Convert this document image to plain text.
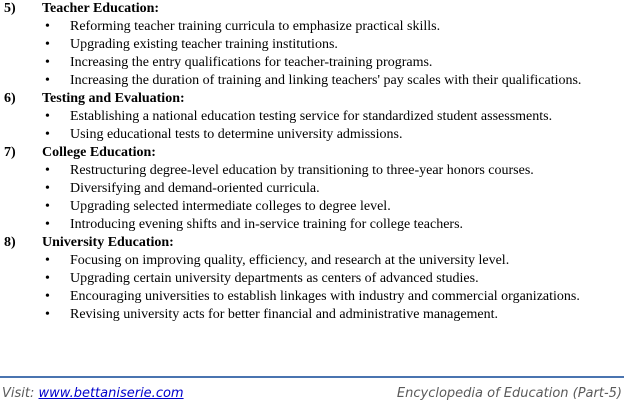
5)	Teacher Education:
•	Reforming teacher training curricula to emphasize practical skills.
•	Upgrading existing teacher training institutions.
•	Increasing the entry qualifications for teacher-training programs.
•	Increasing the duration of training and linking teachers' pay scales with their qualifications.
6)	Testing and Evaluation:
•	Establishing a national education testing service for standardized student assessments.
•	Using educational tests to determine university admissions.
7)	College Education:
•	Restructuring degree-level education by transitioning to three-year honors courses.
•	Diversifying and demand-oriented curricula.
•	Upgrading selected intermediate colleges to degree level.
•	Introducing evening shifts and in-service training for college teachers.
8)	University Education:
•	Focusing on improving quality, efficiency, and research at the university level.
•	Upgrading certain university departments as centers of advanced studies.
•	Encouraging universities to establish linkages with industry and commercial organizations.
•	Revising university acts for better financial and administrative management.
Visit: www.bettaniserie.com	Encyclopedia of Education (Part-5)
